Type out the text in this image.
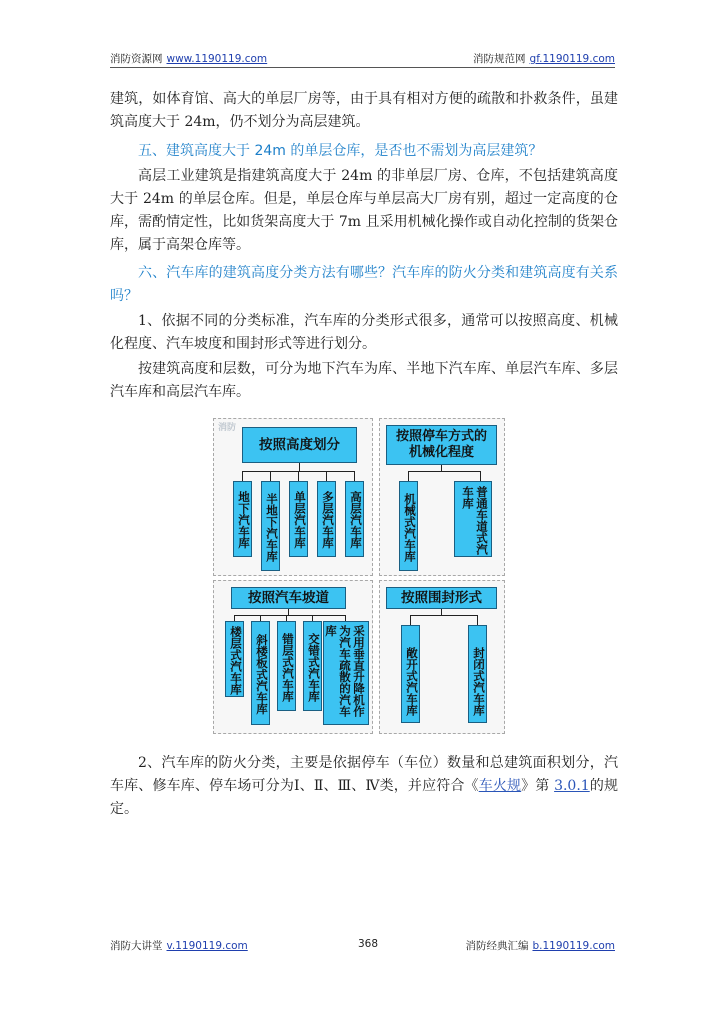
消防资源网 www.1190119.com	消防规范网 gf.1190119.com
建筑，如体育馆、高大的单层厂房等，由于具有相对方便的疏散和扑救条件，虽建筑高度大于 24m，仍不划分为高层建筑。
五、建筑高度大于 24m 的单层仓库，是否也不需划为高层建筑？
高层工业建筑是指建筑高度大于 24m 的非单层厂房、仓库，不包括建筑高度大于 24m 的单层仓库。但是，单层仓库与单层高大厂房有别，超过一定高度的仓库，需酌情定性，比如货架高度大于 7m 且采用机械化操作或自动化控制的货架仓库，属于高架仓库等。
六、汽车库的建筑高度分类方法有哪些？汽车库的防火分类和建筑高度有关系吗？
1、依据不同的分类标准，汽车库的分类形式很多，通常可以按照高度、机械化程度、汽车坡度和围封形式等进行划分。
按建筑高度和层数，可分为地下汽车为库、半地下汽车库、单层汽车库、多层汽车库和高层汽车库。
消防
按照高度划分
地下汽车库	半地下汽车库	单层汽车库	多层汽车库	高层汽车库
按照停车方式的机械化程度
机械式汽车库	普通车道式汽车库
按照汽车坡道
楼层式汽车库	斜楼板式汽车库	错层式汽车库	交错式汽车库	采用垂直升降机作为汽车疏散的汽车库
按照围封形式
敞开式汽车库	封闭式汽车库
2、汽车库的防火分类，主要是依据停车（车位）数量和总建筑面积划分，汽车库、修车库、停车场可分为Ⅰ、Ⅱ、Ⅲ、Ⅳ类，并应符合《车火规》第 3.0.1的规定。
消防大讲堂 v.1190119.com	368	消防经典汇编 b.1190119.com
